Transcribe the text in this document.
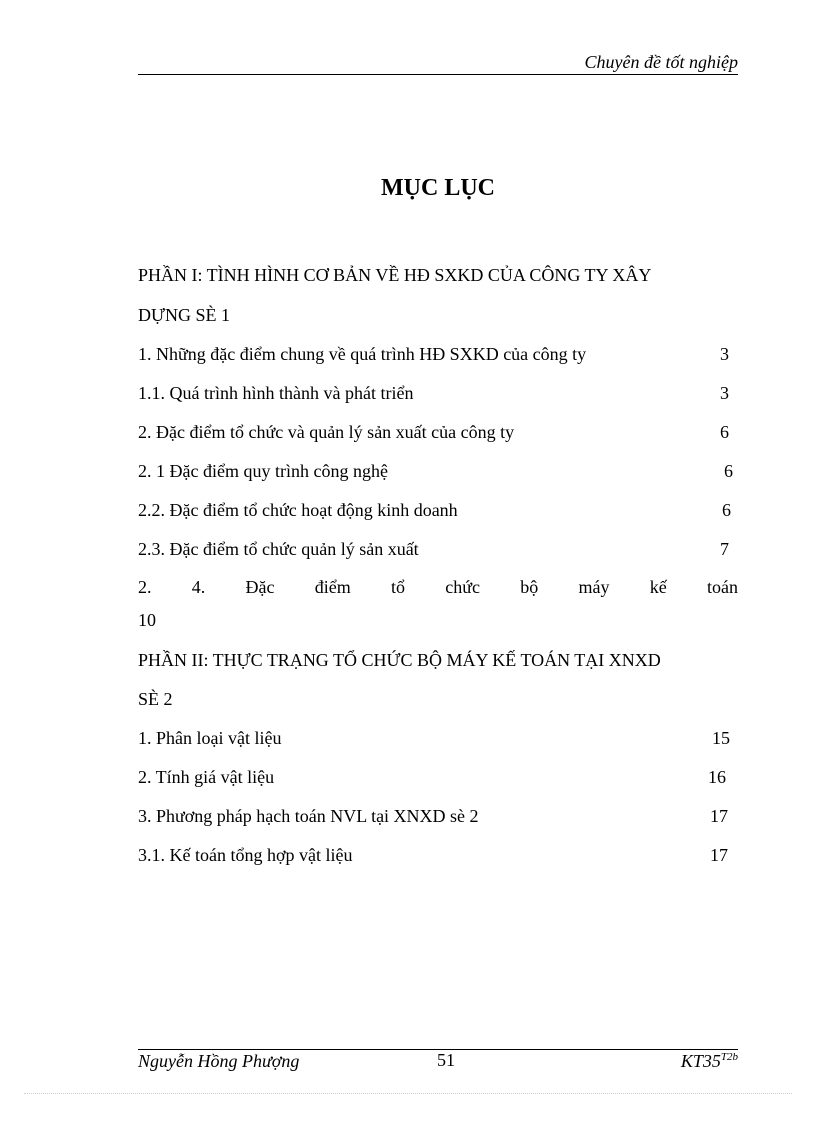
Chuyên đề tốt nghiệp
MỤC LỤC
PHẦN I: TÌNH HÌNH CƠ BẢN VỀ HĐ SXKD CỦA CÔNG TY XÂY
DỰNG SÈ 1
1. Những đặc điểm chung về quá trình HĐ SXKD của công ty	3
1.1. Quá trình hình thành và phát triển	3
2. Đặc điểm tổ chức và quản lý sản xuất của công ty	6
2. 1 Đặc điểm quy trình công nghệ	6
2.2. Đặc điểm tổ chức hoạt động kinh doanh	6
2.3. Đặc điểm tổ chức quản lý sản xuất	7
2. 4. Đặc điểm tổ chức bộ máy kế toán
10
PHẦN II: THỰC TRẠNG TỔ CHỨC BỘ MÁY KẾ TOÁN TẠI XNXD
SÈ 2
1. Phân loại vật liệu	15
2. Tính giá vật liệu	16
3. Phương pháp hạch toán NVL tại XNXD sè 2	17
3.1. Kế toán tổng hợp vật liệu	17
Nguyễn Hồng Phượng	51	$KT35^{T2b}$
